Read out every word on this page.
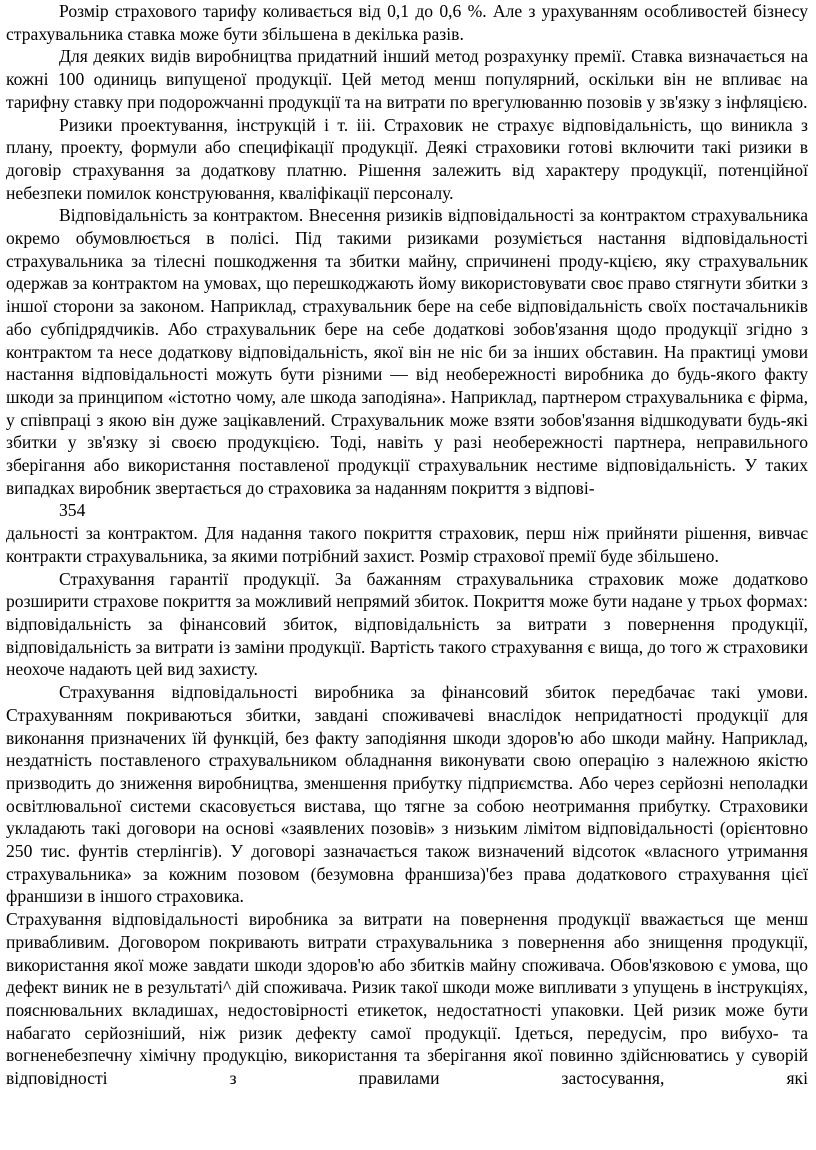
Розмір страхового тарифу коливається від 0,1 до 0,6 %. Але з урахуванням особливостей бізнесу страхувальника ставка може бути збільшена в декілька разів.

Для деяких видів виробництва придатний інший метод розрахунку премії. Ставка визначається на кожні 100 одиниць випущеної продукції. Цей метод менш популярний, оскільки він не впливає на тарифну ставку при подорожчанні продукції та на витрати по врегулюванню позовів у зв'язку з інфляцією.

Ризики проектування, інструкцій і т. ііі. Страховик не страхує відповідальність, що виникла з плану, проекту, формули або специфікації продукції. Деякі страховики готові включити такі ризики в договір страхування за додаткову платню. Рішення залежить від характеру продукції, потенційної небезпеки помилок конструювання, кваліфікації персоналу.

Відповідальність за контрактом. Внесення ризиків відповідальності за контрактом страхувальника окремо обумовлюється в полісі. Під такими ризиками розуміється настання відповідальності страхувальника за тілесні пошкодження та збитки майну, спричинені проду-кцією, яку страхувальник одержав за контрактом на умовах, що перешкоджають йому використовувати своє право стягнути збитки з іншої сторони за законом. Наприклад, страхувальник бере на себе відповідальність своїх постачальників або субпідрядчиків. Або страхувальник бере на себе додаткові зобов'язання щодо продукції згідно з контрактом та несе додаткову відповідальність, якої він не ніс би за інших обставин. На практиці умови настання відповідальності можуть бути різними — від необережності виробника до будь-якого факту шкоди за принципом «істотно чому, але шкода заподіяна». Наприклад, партнером страхувальника є фірма, у співпраці з якою він дуже зацікавлений. Страхувальник може взяти зобов'язання відшкодувати будь-які збитки у зв'язку зі своєю продукцією. Тоді, навіть у разі необережності партнера, неправильного зберігання або використання поставленої продукції страхувальник нестиме відповідальність. У таких випадках виробник звертається до страховика за наданням покриття з відпові-

354

дальності за контрактом. Для надання такого покриття страховик, перш ніж прийняти рішення, вивчає контракти страхувальника, за якими потрібний захист. Розмір страхової премії буде збільшено.

Страхування гарантії продукції. За бажанням страхувальника страховик може додатково розширити страхове покриття за можливий непрямий збиток. Покриття може бути надане у трьох формах: відповідальність за фінансовий збиток, відповідальність за витрати з повернення продукції, відповідальність за витрати із заміни продукції. Вартість такого страхування є вища, до того ж страховики неохоче надають цей вид захисту.

Страхування відповідальності виробника за фінансовий збиток передбачає такі умови. Страхуванням покриваються збитки, завдані споживачеві внаслідок непридатності продукції для виконання призначених їй функцій, без факту заподіяння шкоди здоров'ю або шкоди майну. Наприклад, нездатність поставленого страхувальником обладнання виконувати свою операцію з належною якістю призводить до зниження виробництва, зменшення прибутку підприємства. Або через серйозні неполадки освітлювальної системи скасовується вистава, що тягне за собою неотримання прибутку. Страховики укладають такі договори на основі «заявлених позовів» з низьким лімітом відповідальності (орієнтовно 250 тис. фунтів стерлінгів). У договорі зазначається також визначений відсоток «власного утримання страхувальника» за кожним позовом (безумовна франшиза)'без права додаткового страхування цієї франшизи в іншого страховика.

Страхування відповідальності виробника за витрати на повернення продукції вважається ще менш привабливим. Договором покривають витрати страхувальника з повернення або знищення продукції, використання якої може завдати шкоди здоров'ю або збитків майну споживача. Обов'язковою є умова, що дефект виник не в результаті^ дій споживача. Ризик такої шкоди може випливати з упущень в інструкціях, пояснювальних вкладишах, недостовірності етикеток, недостатності упаковки. Цей ризик може бути набагато серйозніший, ніж ризик дефекту самої продукції. Ідеться, передусім, про вибухо- та вогненебезпечну хімічну продукцію, використання та зберігання якої повинно здійснюватись у суворій відповідності з правилами застосування, які
